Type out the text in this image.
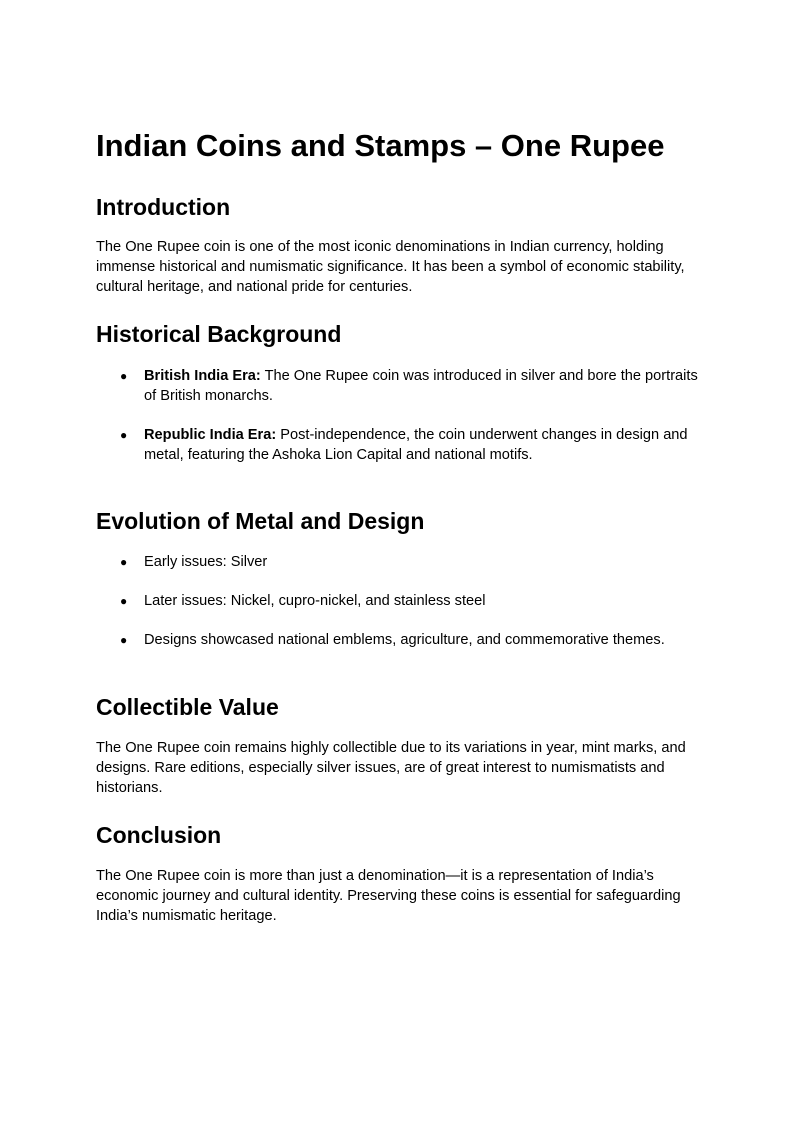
Indian Coins and Stamps – One Rupee
Introduction

The One Rupee coin is one of the most iconic denominations in Indian currency, holding immense historical and numismatic significance. It has been a symbol of economic stability, cultural heritage, and national pride for centuries.

Historical Background
● British India Era: The One Rupee coin was introduced in silver and bore the portraits of British monarchs.
● Republic India Era: Post-independence, the coin underwent changes in design and metal, featuring the Ashoka Lion Capital and national motifs.
Evolution of Metal and Design
● Early issues: Silver
● Later issues: Nickel, cupro-nickel, and stainless steel
● Designs showcased national emblems, agriculture, and commemorative themes.
Collectible Value

The One Rupee coin remains highly collectible due to its variations in year, mint marks, and designs. Rare editions, especially silver issues, are of great interest to numismatists and historians.

Conclusion

The One Rupee coin is more than just a denomination—it is a representation of India’s economic journey and cultural identity. Preserving these coins is essential for safeguarding India’s numismatic heritage.
